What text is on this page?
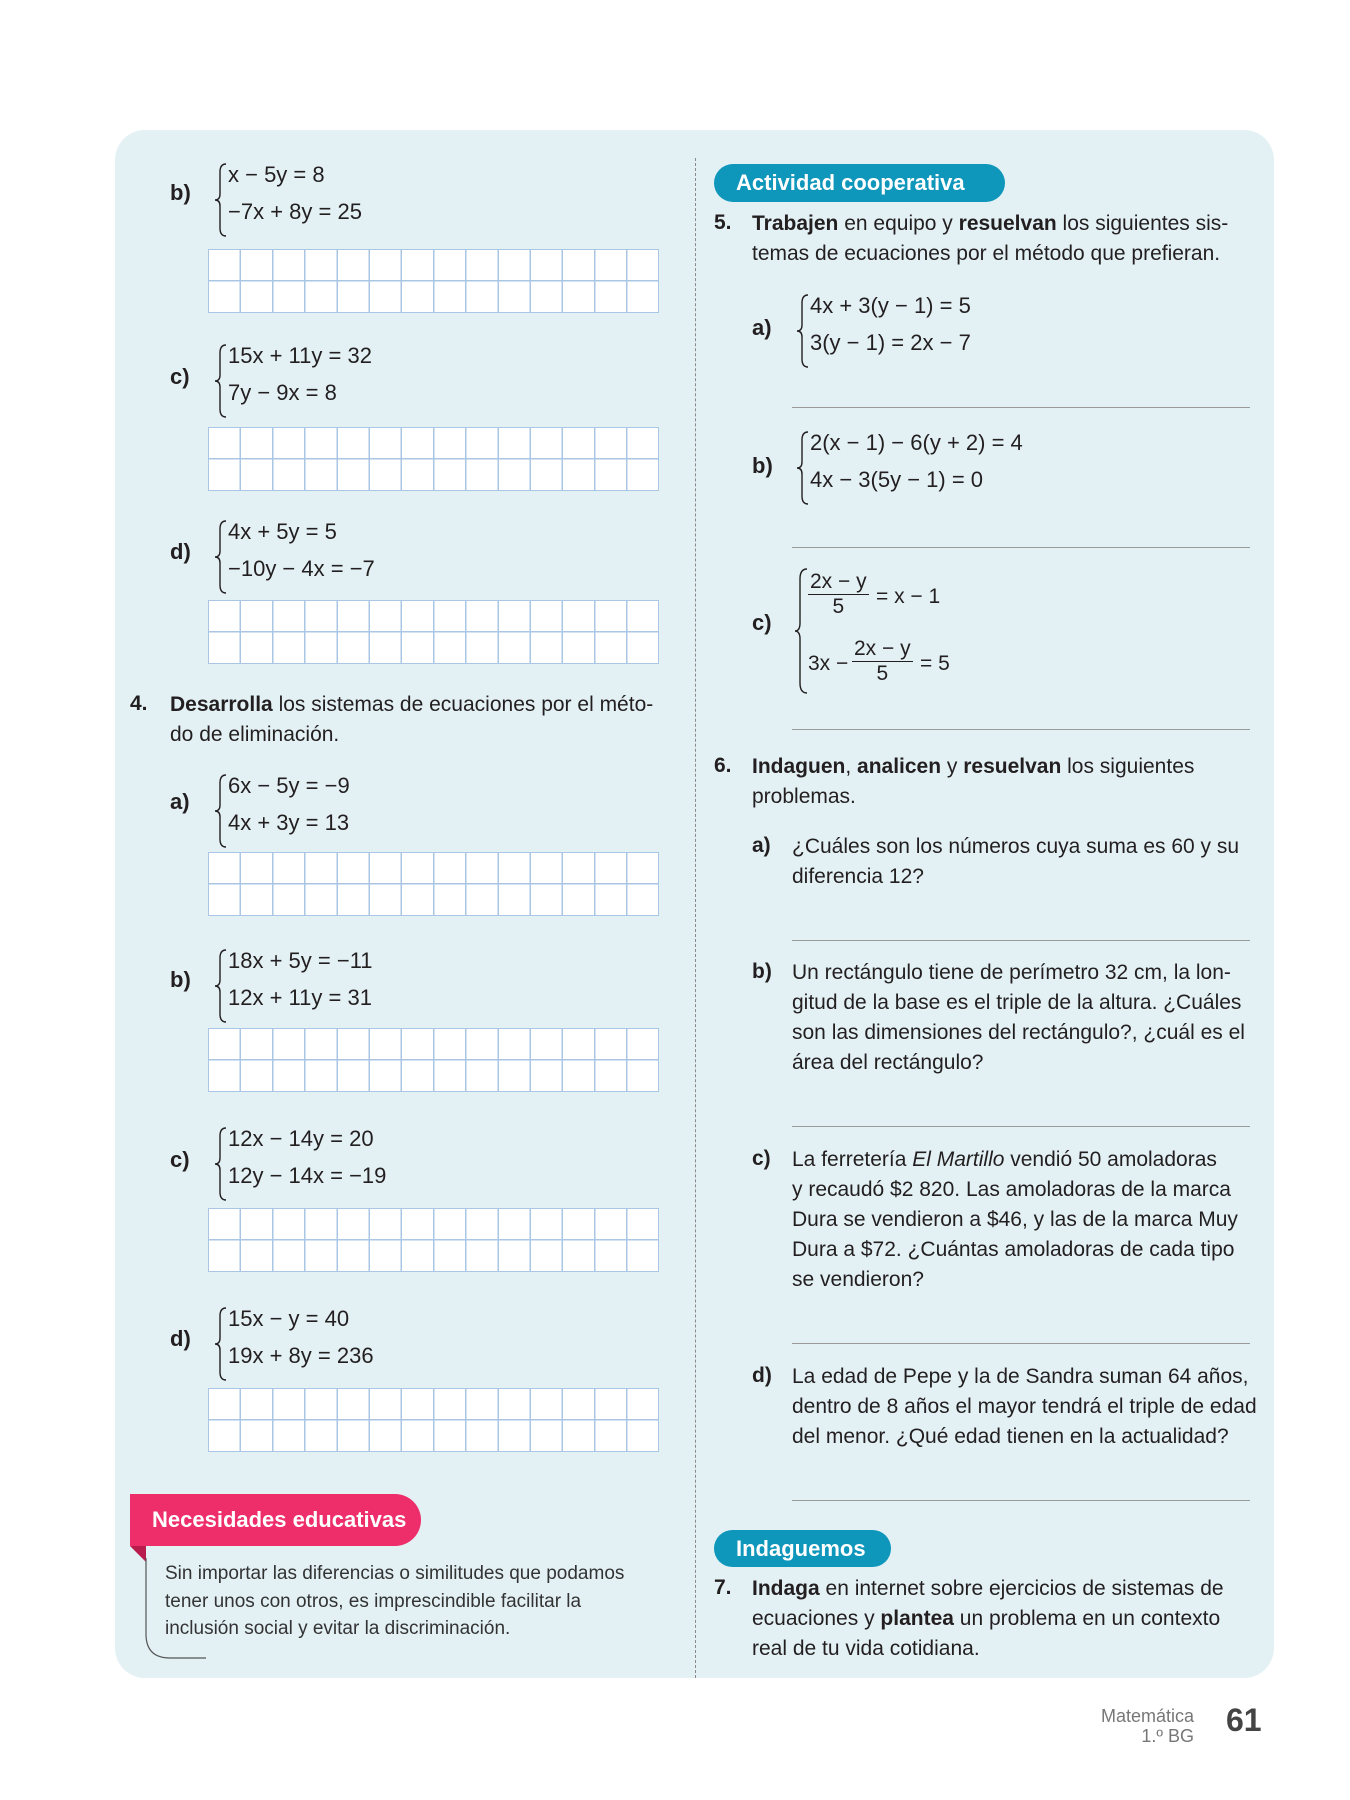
b)
x − 5y = 8
−7x + 8y = 25
c)
15x + 11y = 32
7y − 9x = 8
d)
4x + 5y = 5
−10y − 4x = −7
4. Desarrolla los sistemas de ecuaciones por el méto-
do de eliminación.
a)
6x − 5y = −9
4x + 3y = 13
b)
18x + 5y = −11
12x + 11y = 31
c)
12x − 14y = 20
12y − 14x = −19
d)
15x − y = 40
19x + 8y = 236
Necesidades educativas
Sin importar las diferencias o similitudes que podamos
tener unos con otros, es imprescindible facilitar la
inclusión social y evitar la discriminación.
Actividad cooperativa
5. Trabajen en equipo y resuelvan los siguientes sis-
temas de ecuaciones por el método que prefieran.
a)
4x + 3(y − 1) = 5
3(y − 1) = 2x − 7
b)
2(x − 1) − 6(y + 2) = 4
4x − 3(5y − 1) = 0
c)
$\frac{2x - y}{5} = x - 1$
$3x - \frac{2x - y}{5} = 5$
6. Indaguen, analicen y resuelvan los siguientes
problemas.
a) ¿Cuáles son los números cuya suma es 60 y su
diferencia 12?
b) Un rectángulo tiene de perímetro 32 cm, la lon-
gitud de la base es el triple de la altura. ¿Cuáles
son las dimensiones del rectángulo?, ¿cuál es el
área del rectángulo?
c) La ferretería El Martillo vendió 50 amoladoras
y recaudó $2 820. Las amoladoras de la marca
Dura se vendieron a $46, y las de la marca Muy
Dura a $72. ¿Cuántas amoladoras de cada tipo
se vendieron?
d) La edad de Pepe y la de Sandra suman 64 años,
dentro de 8 años el mayor tendrá el triple de edad
del menor. ¿Qué edad tienen en la actualidad?
Indaguemos
7. Indaga en internet sobre ejercicios de sistemas de
ecuaciones y plantea un problema en un contexto
real de tu vida cotidiana.
Matemática
1.º BG 61
